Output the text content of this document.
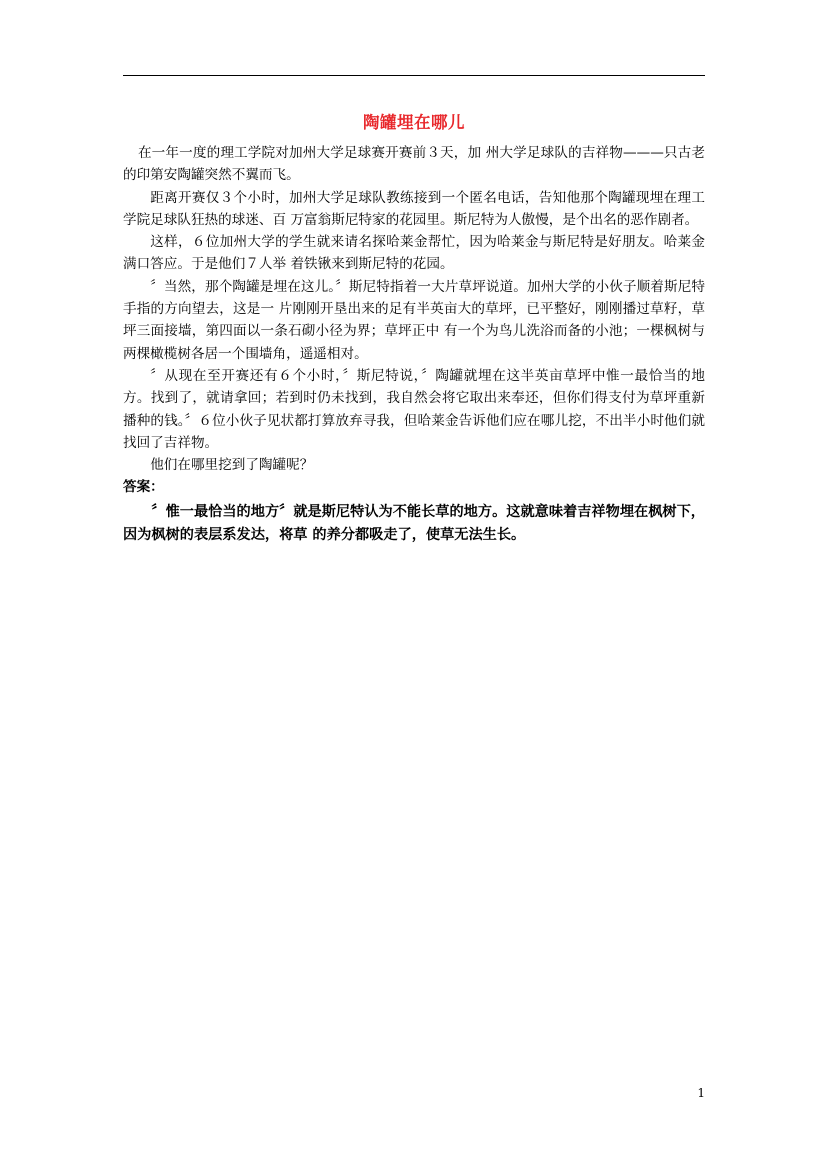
陶罐埋在哪儿

在一年一度的理工学院对加州大学足球赛开赛前３天，加 州大学足球队的吉祥物———只古老的印第安陶罐突然不翼而飞。

距离开赛仅３个小时，加州大学足球队教练接到一个匿名电话，告知他那个陶罐现埋在理工学院足球队狂热的球迷、百 万富翁斯尼特家的花园里。斯尼特为人傲慢，是个出名的恶作剧者。

这样，６位加州大学的学生就来请名探哈莱金帮忙，因为哈莱金与斯尼特是好朋友。哈莱金满口答应。于是他们７人举 着铁锹来到斯尼特的花园。

〞当然，那个陶罐是埋在这儿。〞斯尼特指着一大片草坪说道。加州大学的小伙子顺着斯尼特手指的方向望去，这是一 片刚刚开垦出来的足有半英亩大的草坪，已平整好，刚刚播过草籽，草坪三面接墙，第四面以一条石砌小径为界；草坪正中 有一个为鸟儿洗浴而备的小池；一棵枫树与两棵橄榄树各居一个围墙角，遥遥相对。

〞从现在至开赛还有６个小时，〞斯尼特说，〞陶罐就埋在这半英亩草坪中惟一最恰当的地方。找到了，就请拿回；若到时仍未找到，我自然会将它取出来奉还，但你们得支付为草坪重新播种的钱。〞６位小伙子见状都打算放弃寻我，但哈莱金告诉他们应在哪儿挖，不出半小时他们就找回了吉祥物。

他们在哪里挖到了陶罐呢？

答案：

〞惟一最恰当的地方〞就是斯尼特认为不能长草的地方。这就意味着吉祥物埋在枫树下，因为枫树的表层系发达，将草 的养分都吸走了，使草无法生长。

1
